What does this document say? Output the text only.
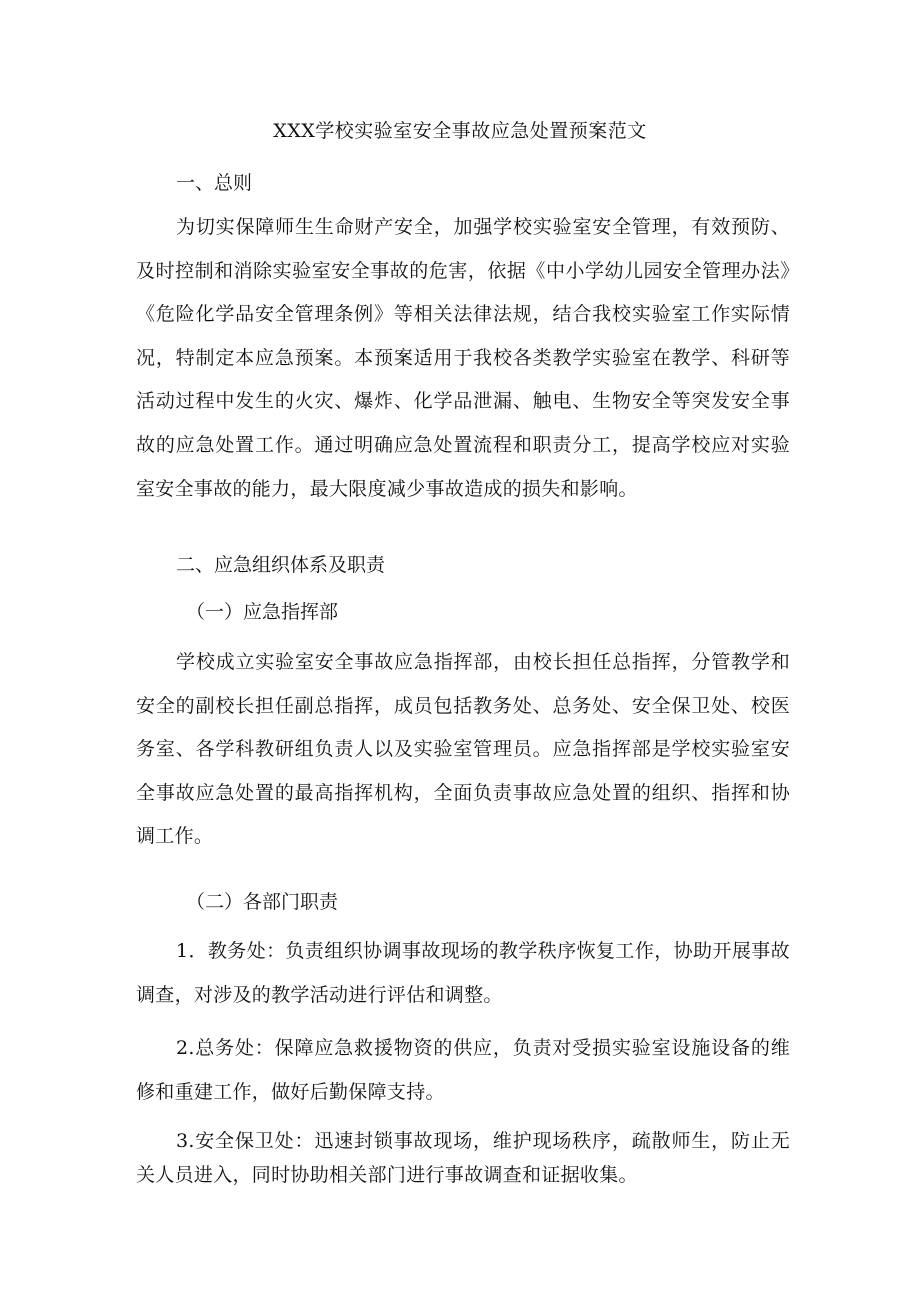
XXX学校实验室安全事故应急处置预案范文
一、总则

为切实保障师生生命财产安全，加强学校实验室安全管理，有效预防、及时控制和消除实验室安全事故的危害，依据《中小学幼儿园安全管理办法》《危险化学品安全管理条例》等相关法律法规，结合我校实验室工作实际情况，特制定本应急预案。本预案适用于我校各类教学实验室在教学、科研等活动过程中发生的火灾、爆炸、化学品泄漏、触电、生物安全等突发安全事故的应急处置工作。通过明确应急处置流程和职责分工，提高学校应对实验室安全事故的能力，最大限度减少事故造成的损失和影响。

二、应急组织体系及职责
（一）应急指挥部

学校成立实验室安全事故应急指挥部，由校长担任总指挥，分管教学和安全的副校长担任副总指挥，成员包括教务处、总务处、安全保卫处、校医务室、各学科教研组负责人以及实验室管理员。应急指挥部是学校实验室安全事故应急处置的最高指挥机构，全面负责事故应急处置的组织、指挥和协调工作。

（二）各部门职责

1．教务处：负责组织协调事故现场的教学秩序恢复工作，协助开展事故调查，对涉及的教学活动进行评估和调整。

2.总务处：保障应急救援物资的供应，负责对受损实验室设施设备的维修和重建工作，做好后勤保障支持。

3.安全保卫处：迅速封锁事故现场，维护现场秩序，疏散师生，防止无关人员进入，同时协助相关部门进行事故调查和证据收集。
